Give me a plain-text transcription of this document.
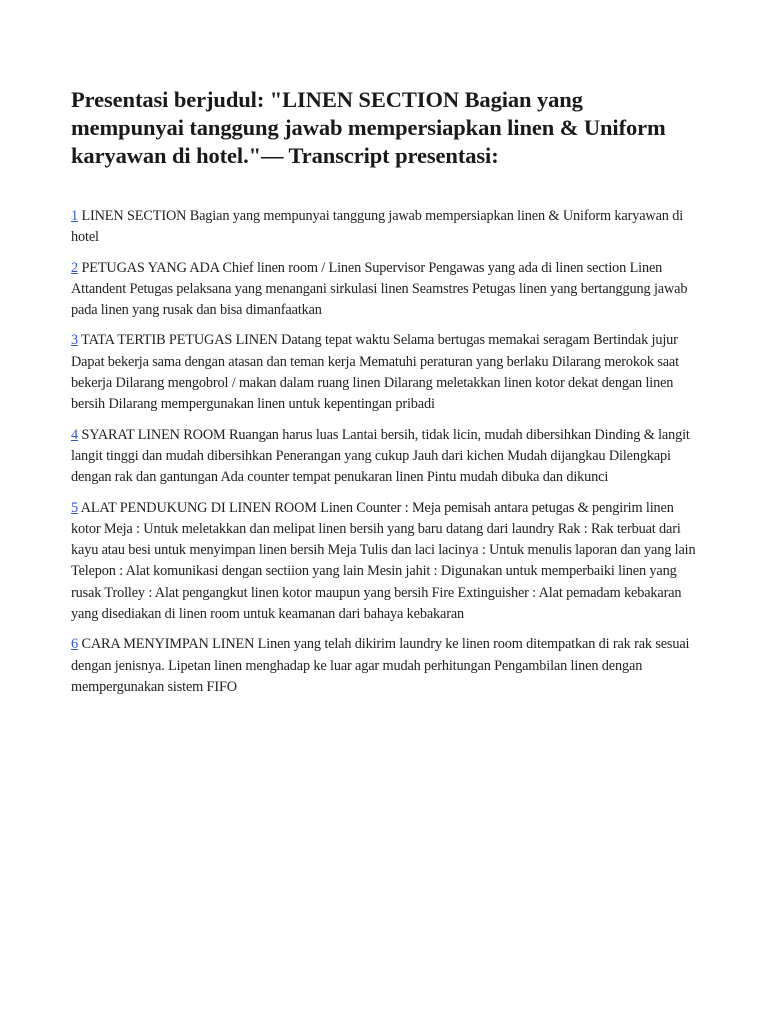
Presentasi berjudul: "LINEN SECTION Bagian yang mempunyai tanggung jawab mempersiapkan linen & Uniform karyawan di hotel."— Transcript presentasi:

1 LINEN SECTION Bagian yang mempunyai tanggung jawab mempersiapkan linen & Uniform karyawan di hotel

2 PETUGAS YANG ADA Chief linen room / Linen Supervisor Pengawas yang ada di linen section Linen Attandent Petugas pelaksana yang menangani sirkulasi linen Seamstres Petugas linen yang bertanggung jawab pada linen yang rusak dan bisa dimanfaatkan

3 TATA TERTIB PETUGAS LINEN Datang tepat waktu Selama bertugas memakai seragam Bertindak jujur Dapat bekerja sama dengan atasan dan teman kerja Mematuhi peraturan yang berlaku Dilarang merokok saat bekerja Dilarang mengobrol / makan dalam ruang linen Dilarang meletakkan linen kotor dekat dengan linen bersih Dilarang mempergunakan linen untuk kepentingan pribadi

4 SYARAT LINEN ROOM Ruangan harus luas Lantai bersih, tidak licin, mudah dibersihkan Dinding & langit langit tinggi dan mudah dibersihkan Penerangan yang cukup Jauh dari kichen Mudah dijangkau Dilengkapi dengan rak dan gantungan Ada counter tempat penukaran linen Pintu mudah dibuka dan dikunci

5 ALAT PENDUKUNG DI LINEN ROOM Linen Counter : Meja pemisah antara petugas & pengirim linen kotor Meja : Untuk meletakkan dan melipat linen bersih yang baru datang dari laundry Rak : Rak terbuat dari kayu atau besi untuk menyimpan linen bersih Meja Tulis dan laci lacinya : Untuk menulis laporan dan yang lain Telepon : Alat komunikasi dengan sectiion yang lain Mesin jahit : Digunakan untuk memperbaiki linen yang rusak Trolley : Alat pengangkut linen kotor maupun yang bersih Fire Extinguisher : Alat pemadam kebakaran yang disediakan di linen room untuk keamanan dari bahaya kebakaran

6 CARA MENYIMPAN LINEN Linen yang telah dikirim laundry ke linen room ditempatkan di rak rak sesuai dengan jenisnya. Lipetan linen menghadap ke luar agar mudah perhitungan Pengambilan linen dengan mempergunakan sistem FIFO
